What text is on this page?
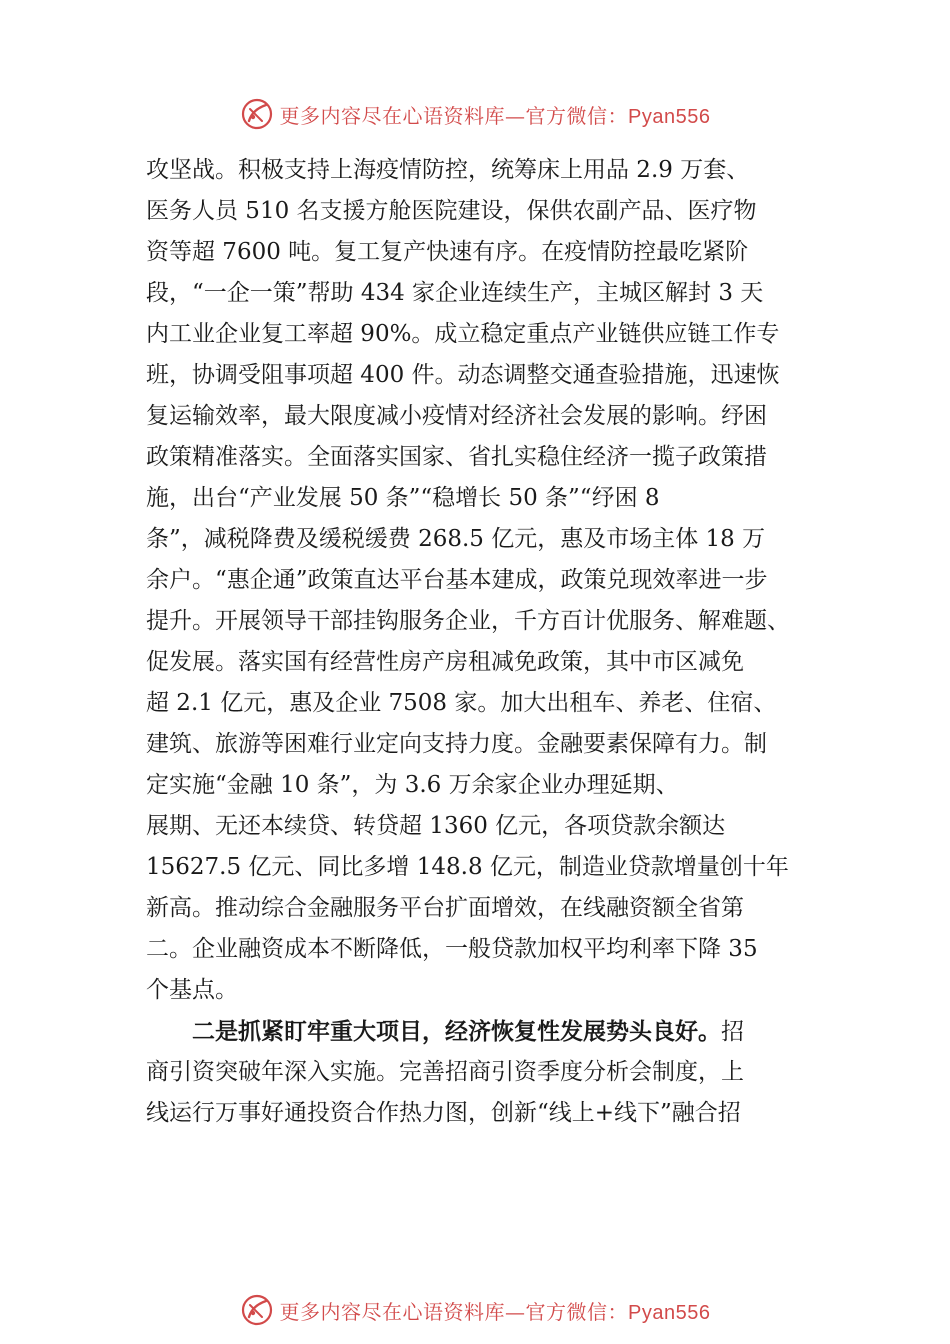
更多内容尽在心语资料库—官方微信：Pyan556
攻坚战。积极支持上海疫情防控，统筹床上用品 2.9 万套、
医务人员 510 名支援方舱医院建设，保供农副产品、医疗物
资等超 7600 吨。复工复产快速有序。在疫情防控最吃紧阶
段，“一企一策”帮助 434 家企业连续生产，主城区解封 3 天
内工业企业复工率超 90%。成立稳定重点产业链供应链工作专
班，协调受阻事项超 400 件。动态调整交通查验措施，迅速恢
复运输效率，最大限度减小疫情对经济社会发展的影响。纾困
政策精准落实。全面落实国家、省扎实稳住经济一揽子政策措
施，出台“产业发展 50 条”“稳增长 50 条”“纾困 8
条”，减税降费及缓税缓费 268.5 亿元，惠及市场主体 18 万
余户。“惠企通”政策直达平台基本建成，政策兑现效率进一步
提升。开展领导干部挂钩服务企业，千方百计优服务、解难题、
促发展。落实国有经营性房产房租减免政策，其中市区减免
超 2.1 亿元，惠及企业 7508 家。加大出租车、养老、住宿、
建筑、旅游等困难行业定向支持力度。金融要素保障有力。制
定实施“金融 10 条”，为 3.6 万余家企业办理延期、
展期、无还本续贷、转贷超 1360 亿元，各项贷款余额达
15627.5 亿元、同比多增 148.8 亿元，制造业贷款增量创十年
新高。推动综合金融服务平台扩面增效，在线融资额全省第
二。企业融资成本不断降低，一般贷款加权平均利率下降 35
个基点。
二是抓紧盯牢重大项目，经济恢复性发展势头良好。招
商引资突破年深入实施。完善招商引资季度分析会制度，上
线运行万事好通投资合作热力图，创新“线上+线下”融合招
更多内容尽在心语资料库—官方微信：Pyan556
